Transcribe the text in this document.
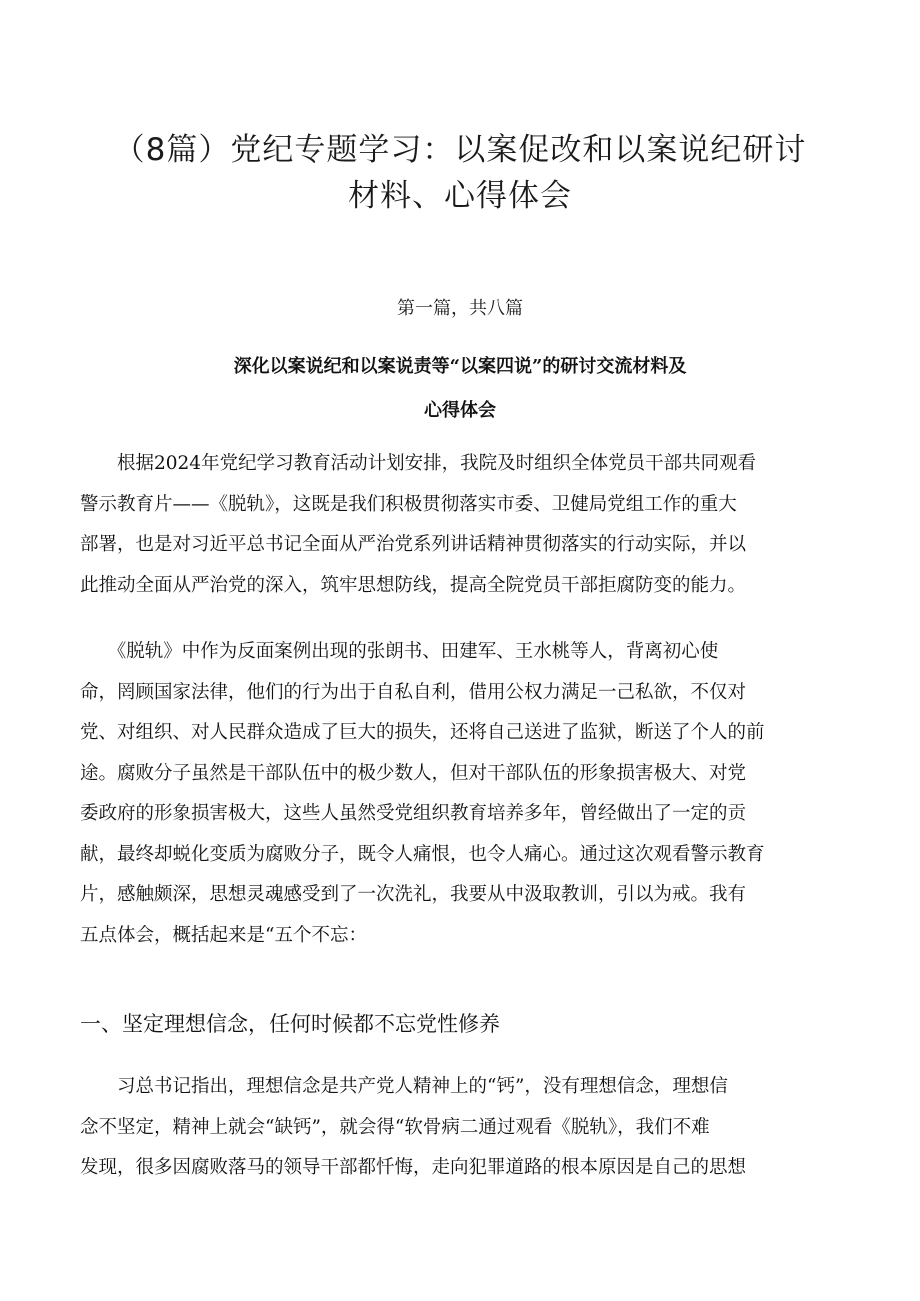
（8篇）党纪专题学习：以案促改和以案说纪研讨
材料、心得体会
第一篇，共八篇
深化以案说纪和以案说责等“以案四说”的研讨交流材料及
心得体会
　　根据2024年党纪学习教育活动计划安排，我院及时组织全体党员干部共同观看
警示教育片——《脱轨》，这既是我们积极贯彻落实市委、卫健局党组工作的重大
部署，也是对习近平总书记全面从严治党系列讲话精神贯彻落实的行动实际，并以
此推动全面从严治党的深入，筑牢思想防线，提高全院党员干部拒腐防变的能力。
　　《脱轨》中作为反面案例出现的张朗书、田建军、王水桃等人，背离初心使
命，罔顾国家法律，他们的行为出于自私自利，借用公权力满足一己私欲，不仅对
党、对组织、对人民群众造成了巨大的损失，还将自己送进了监狱，断送了个人的前
途。腐败分子虽然是干部队伍中的极少数人，但对干部队伍的形象损害极大、对党
委政府的形象损害极大，这些人虽然受党组织教育培养多年，曾经做出了一定的贡
献，最终却蜕化变质为腐败分子，既令人痛恨，也令人痛心。通过这次观看警示教育
片，感触颇深，思想灵魂感受到了一次洗礼，我要从中汲取教训，引以为戒。我有
五点体会，概括起来是“五个不忘：
一、坚定理想信念，任何时候都不忘党性修养
　　习总书记指出，理想信念是共产党人精神上的“钙”，没有理想信念，理想信
念不坚定，精神上就会“缺钙”，就会得“软骨病二通过观看《脱轨》，我们不难
发现，很多因腐败落马的领导干部都忏悔，走向犯罪道路的根本原因是自己的思想
